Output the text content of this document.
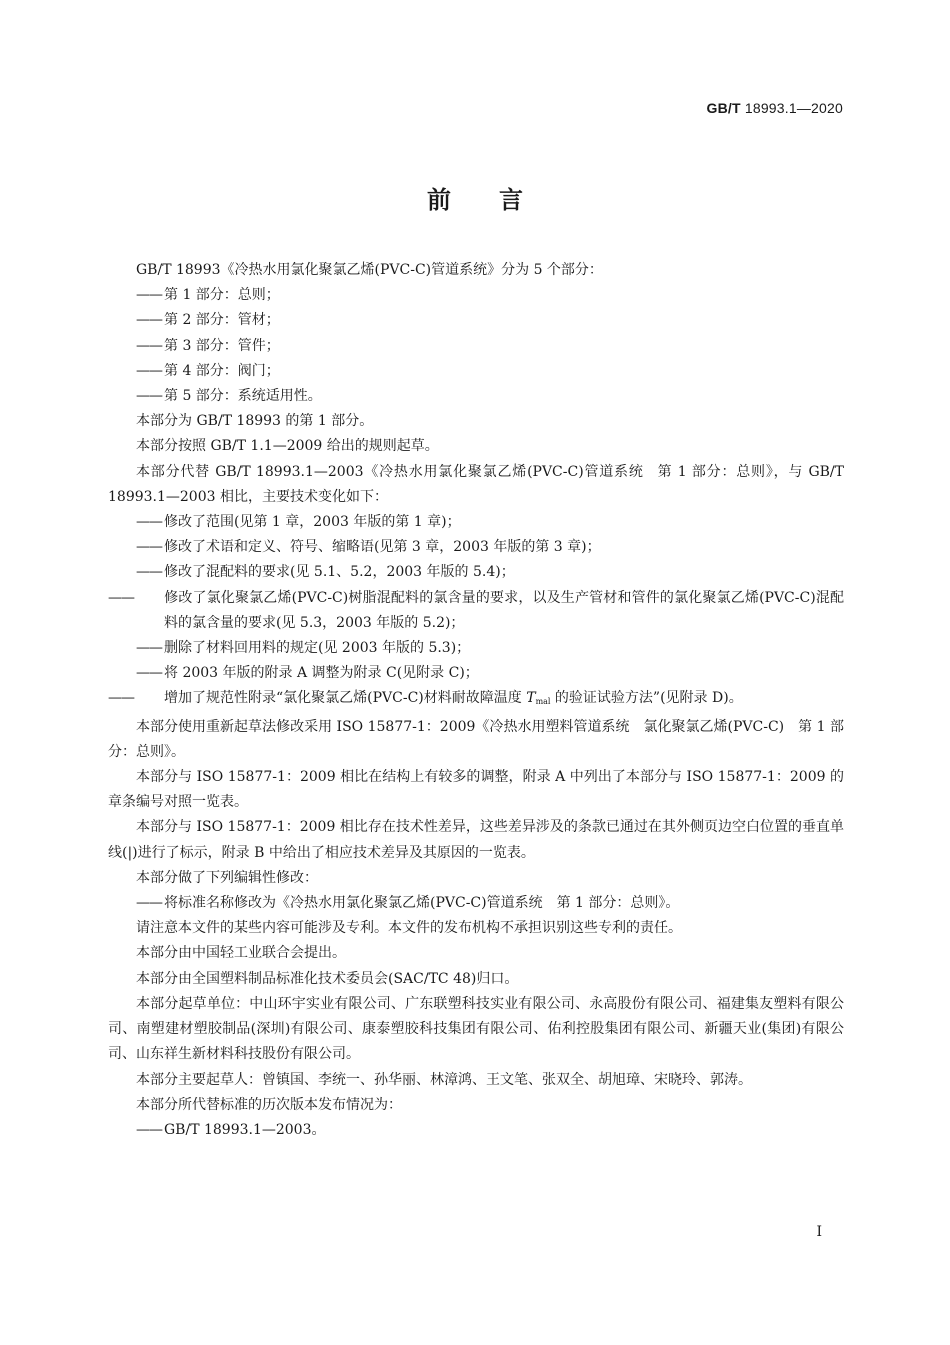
GB/T 18993.1—2020
前言

GB/T 18993《冷热水用氯化聚氯乙烯(PVC-C)管道系统》分为 5 个部分：

—— 第 1 部分：总则；

—— 第 2 部分：管材；

—— 第 3 部分：管件；

—— 第 4 部分：阀门；

—— 第 5 部分：系统适用性。

本部分为 GB/T 18993 的第 1 部分。

本部分按照 GB/T 1.1—2009 给出的规则起草。

本部分代替 GB/T 18993.1—2003《冷热水用氯化聚氯乙烯(PVC-C)管道系统 第 1 部分：总则》，与 GB/T 18993.1—2003 相比，主要技术变化如下：

—— 修改了范围(见第 1 章，2003 年版的第 1 章)；

—— 修改了术语和定义、符号、缩略语(见第 3 章，2003 年版的第 3 章)；

—— 修改了混配料的要求(见 5.1、5.2，2003 年版的 5.4)；

—— 修改了氯化聚氯乙烯(PVC-C)树脂混配料的氯含量的要求，以及生产管材和管件的氯化聚氯乙烯(PVC-C)混配料的氯含量的要求(见 5.3，2003 年版的 5.2)；

—— 删除了材料回用料的规定(见 2003 年版的 5.3)；

—— 将 2003 年版的附录 A 调整为附录 C(见附录 C)；

—— 增加了规范性附录“氯化聚氯乙烯(PVC-C)材料耐故障温度 $T_{mal}$ 的验证试验方法”(见附录 D)。

本部分使用重新起草法修改采用 ISO 15877-1：2009《冷热水用塑料管道系统 氯化聚氯乙烯(PVC-C) 第 1 部分：总则》。

本部分与 ISO 15877-1：2009 相比在结构上有较多的调整，附录 A 中列出了本部分与 ISO 15877-1：2009 的章条编号对照一览表。

本部分与 ISO 15877-1：2009 相比存在技术性差异，这些差异涉及的条款已通过在其外侧页边空白位置的垂直单线(|)进行了标示，附录 B 中给出了相应技术差异及其原因的一览表。

本部分做了下列编辑性修改：

—— 将标准名称修改为《冷热水用氯化聚氯乙烯(PVC-C)管道系统 第 1 部分：总则》。

请注意本文件的某些内容可能涉及专利。本文件的发布机构不承担识别这些专利的责任。

本部分由中国轻工业联合会提出。

本部分由全国塑料制品标准化技术委员会(SAC/TC 48)归口。

本部分起草单位：中山环宇实业有限公司、广东联塑科技实业有限公司、永高股份有限公司、福建集友塑料有限公司、南塑建材塑胶制品(深圳)有限公司、康泰塑胶科技集团有限公司、佑利控股集团有限公司、新疆天业(集团)有限公司、山东祥生新材料科技股份有限公司。

本部分主要起草人：曾镇国、李统一、孙华丽、林漳鸿、王文笔、张双全、胡旭璋、宋晓玲、郭涛。

本部分所代替标准的历次版本发布情况为：

—— GB/T 18993.1—2003。

I
